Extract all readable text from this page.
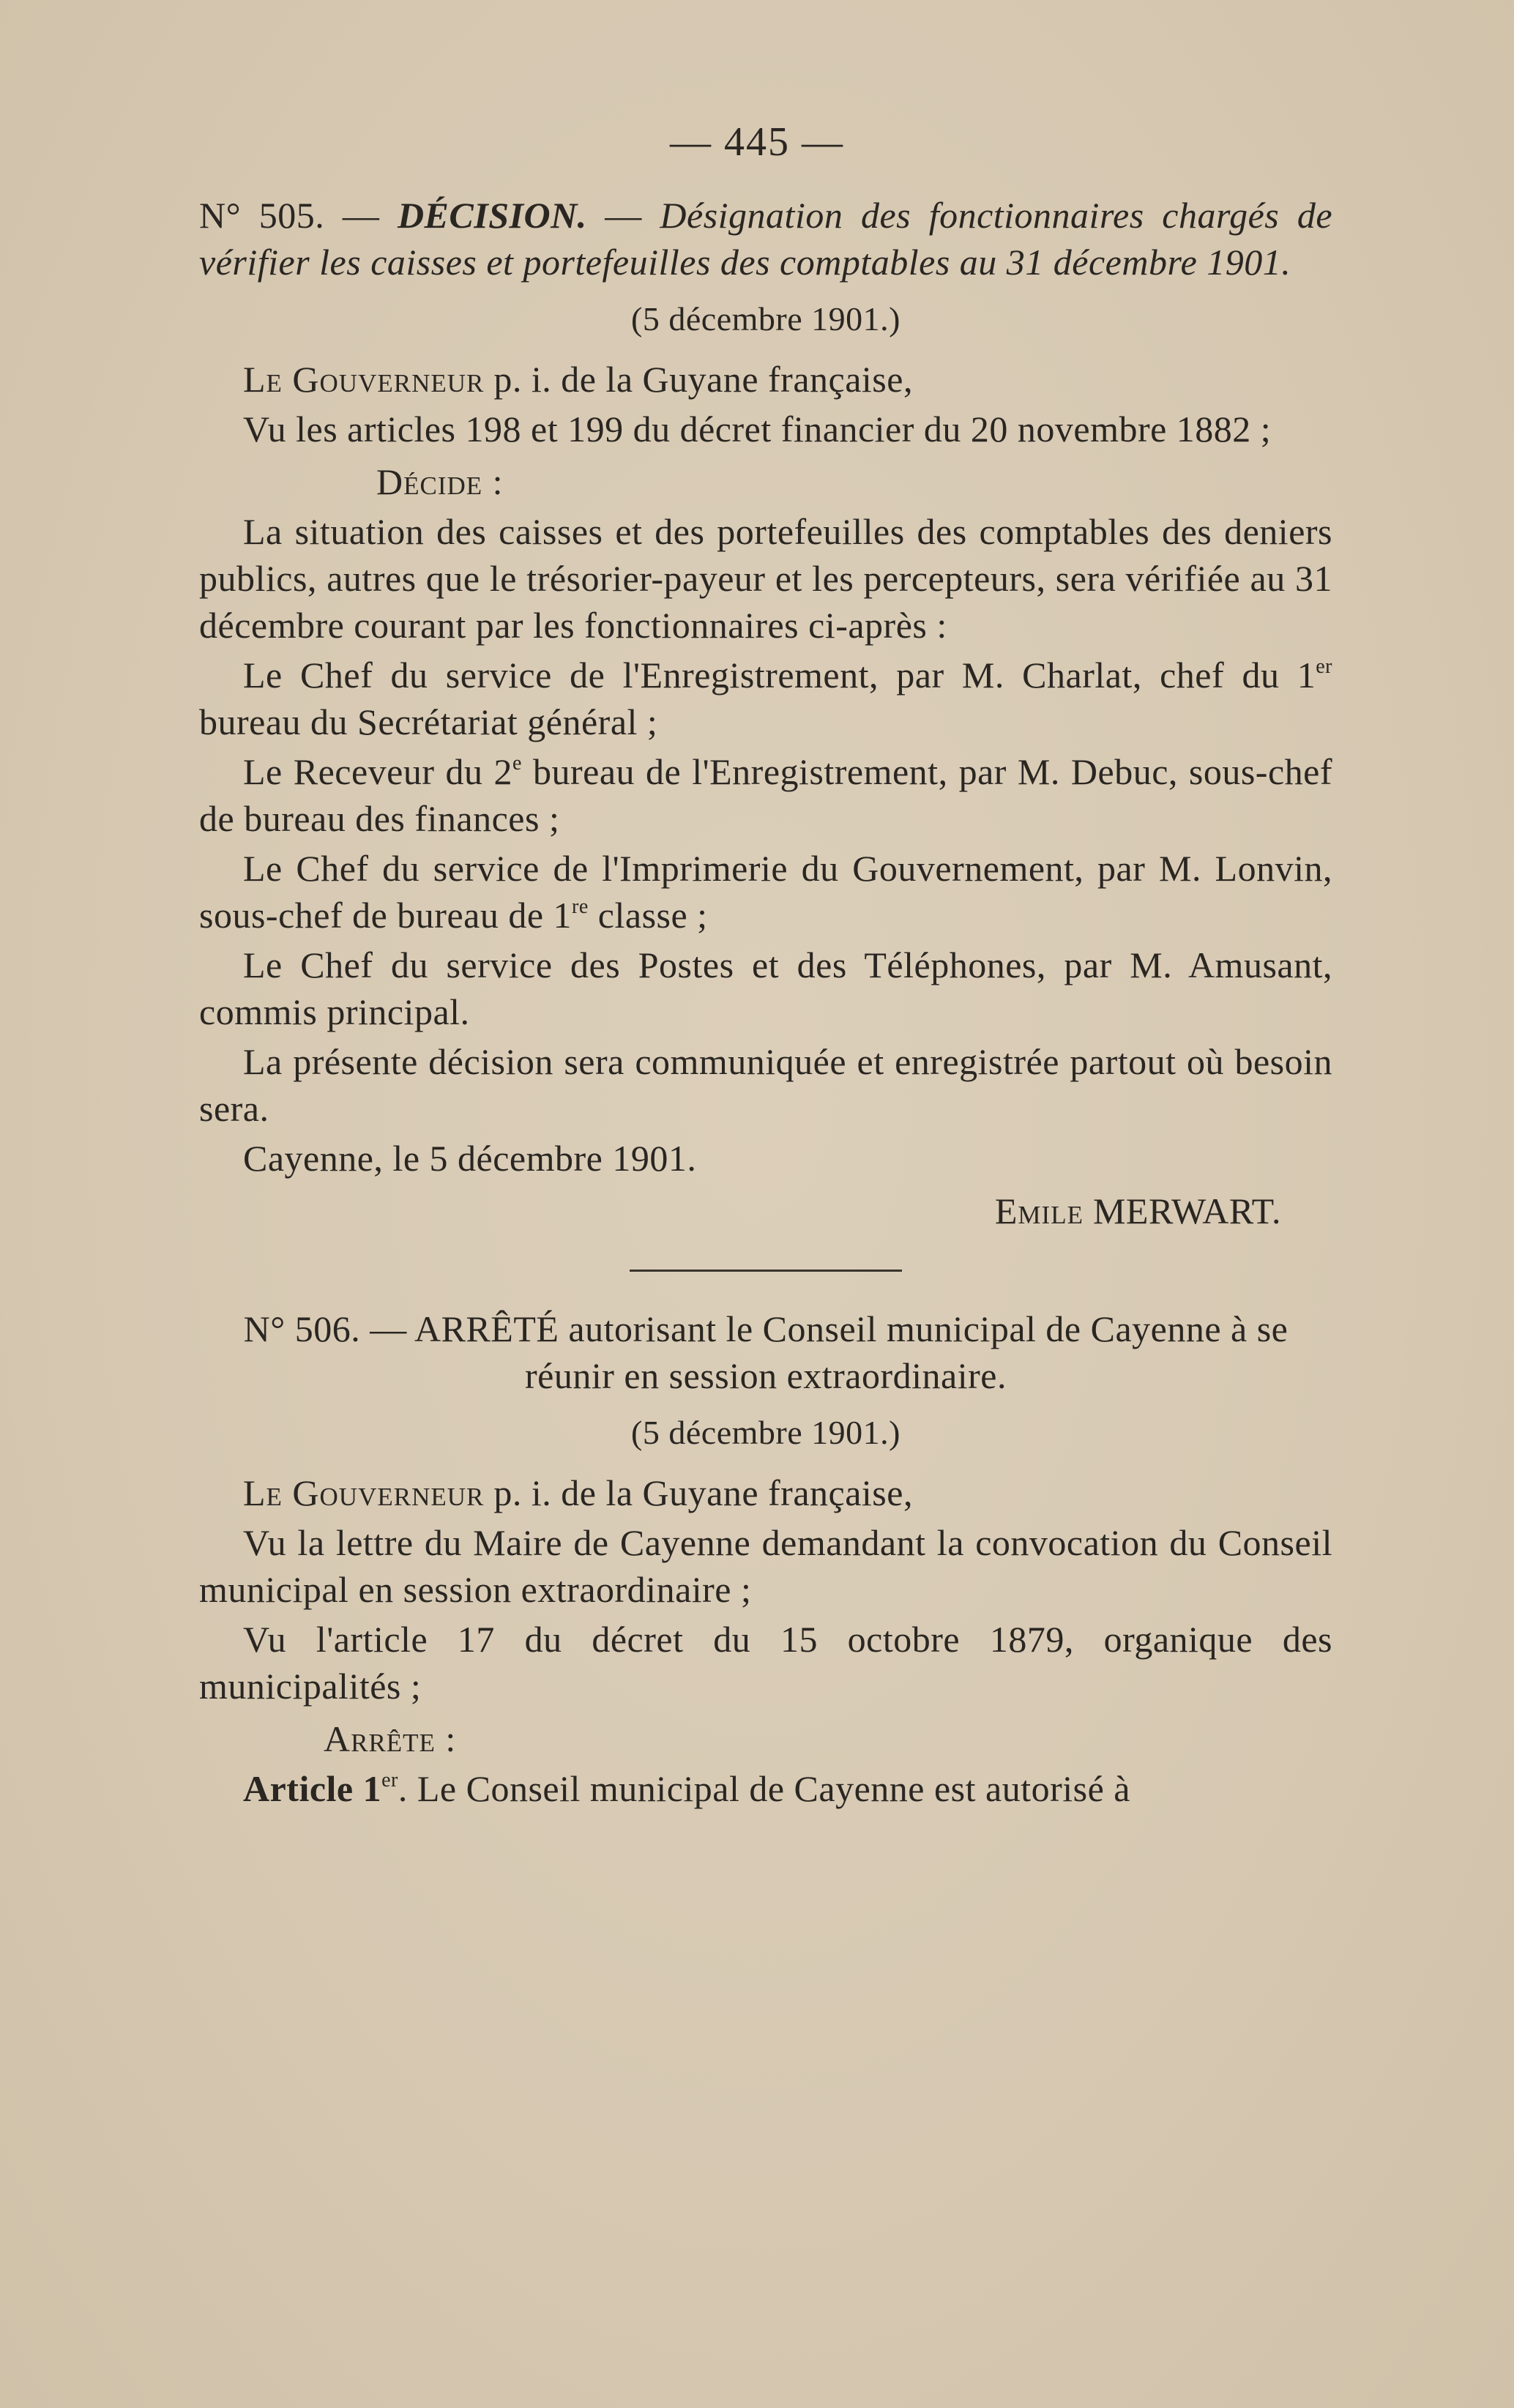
— 445 —
N° 505. — DÉCISION. — Désignation des fonctionnaires chargés de vérifier les caisses et portefeuilles des comptables au 31 décembre 1901.
(5 décembre 1901.)
Le Gouverneur p. i. de la Guyane française,
Vu les articles 198 et 199 du décret financier du 20 novembre 1882 ;
Décide :
La situation des caisses et des portefeuilles des comptables des deniers publics, autres que le trésorier-payeur et les percepteurs, sera vérifiée au 31 décembre courant par les fonctionnaires ci-après :
Le Chef du service de l'Enregistrement, par M. Charlat, chef du 1er bureau du Secrétariat général ;
Le Receveur du 2e bureau de l'Enregistrement, par M. Debuc, sous-chef de bureau des finances ;
Le Chef du service de l'Imprimerie du Gouvernement, par M. Lonvin, sous-chef de bureau de 1re classe ;
Le Chef du service des Postes et des Téléphones, par M. Amusant, commis principal.
La présente décision sera communiquée et enregistrée partout où besoin sera.
Cayenne, le 5 décembre 1901.
Emile MERWART.
N° 506. — ARRÊTÉ autorisant le Conseil municipal de Cayenne à se réunir en session extraordinaire.
(5 décembre 1901.)
Le Gouverneur p. i. de la Guyane française,
Vu la lettre du Maire de Cayenne demandant la convocation du Conseil municipal en session extraordinaire ;
Vu l'article 17 du décret du 15 octobre 1879, organique des municipalités ;
Arrête :
Article 1er. Le Conseil municipal de Cayenne est autorisé à
